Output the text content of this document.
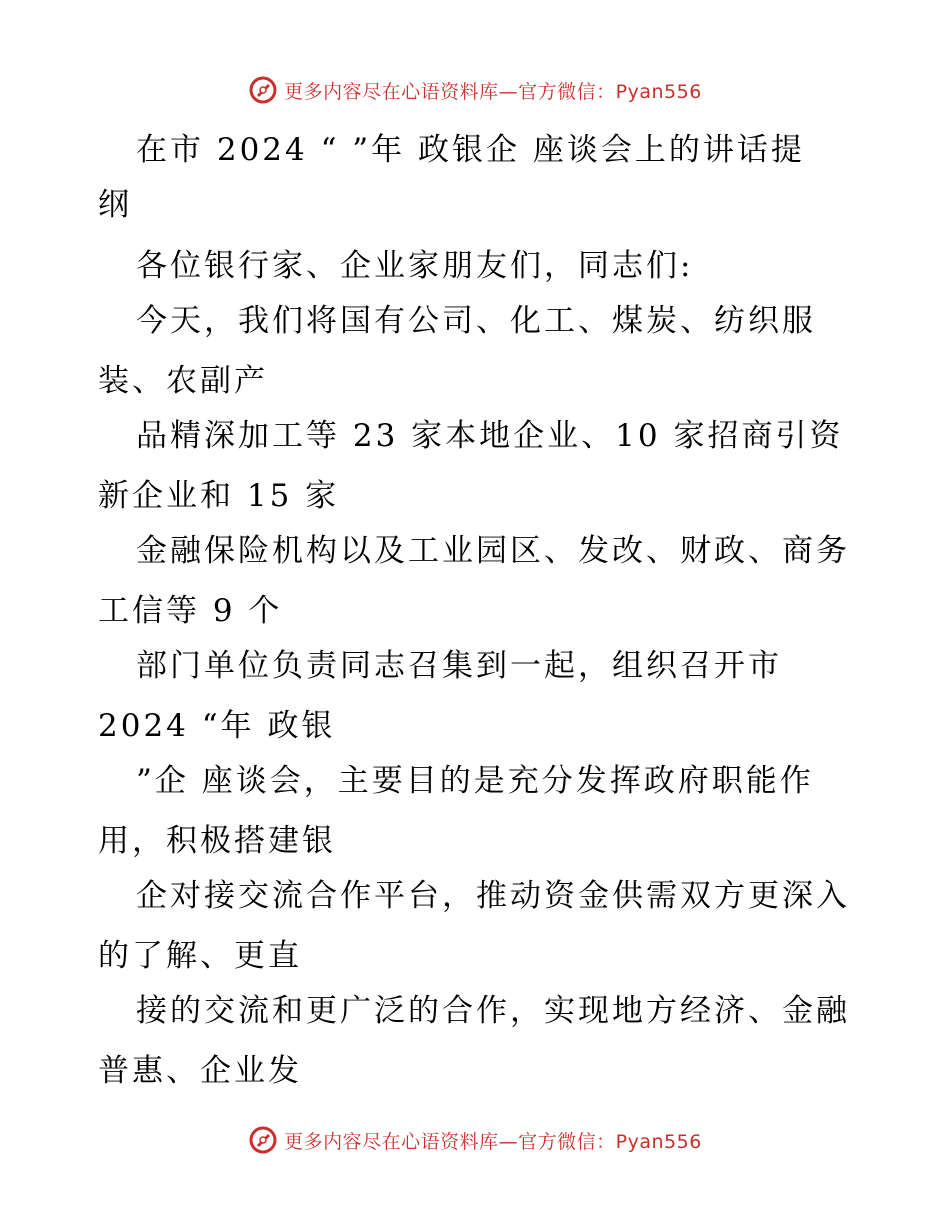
更多内容尽在心语资料库—官方微信：Pyan556
在市 2024 “ ”年 政银企 座谈会上的讲话提
纲
各位银行家、企业家朋友们，同志们:
今天，我们将国有公司、化工、煤炭、纺织服
装、农副产
品精深加工等 23 家本地企业、10 家招商引资
新企业和 15 家
金融保险机构以及工业园区、发改、财政、商务
工信等 9 个
部门单位负责同志召集到一起，组织召开市
2024 “年 政银
”企 座谈会，主要目的是充分发挥政府职能作
用，积极搭建银
企对接交流合作平台，推动资金供需双方更深入
的了解、更直
接的交流和更广泛的合作，实现地方经济、金融
普惠、企业发
更多内容尽在心语资料库—官方微信：Pyan556
